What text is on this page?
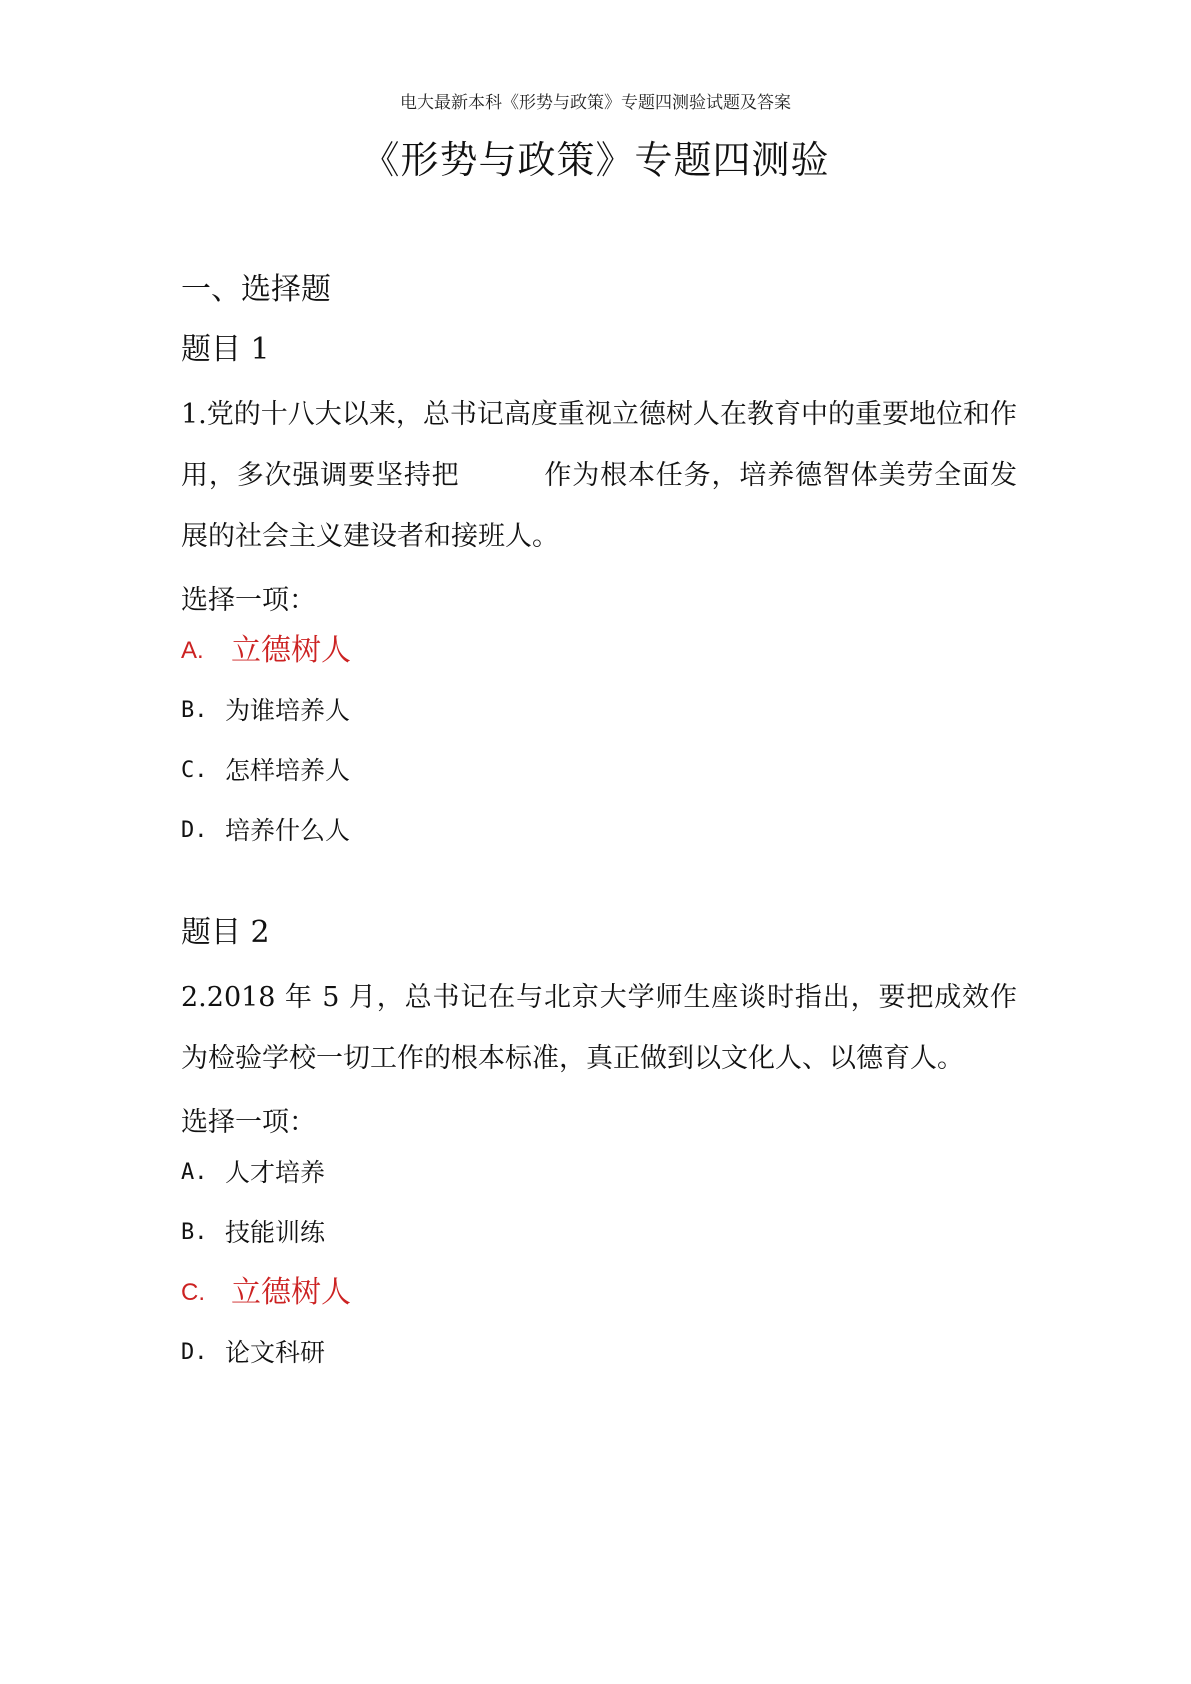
电大最新本科《形势与政策》专题四测验试题及答案
《形势与政策》专题四测验
一、选择题
题目 1

1.党的十八大以来，总书记高度重视立德树人在教育中的重要地位和作用，多次强调要坚持把	作为根本任务，培养德智体美劳全面发展的社会主义建设者和接班人。

选择一项：
A. 立德树人
B. 为谁培养人
C. 怎样培养人
D. 培养什么人
题目 2

2.2018 年 5 月，总书记在与北京大学师生座谈时指出，要把成效作为检验学校一切工作的根本标准，真正做到以文化人、以德育人。

选择一项：
A. 人才培养
B. 技能训练
C. 立德树人
D. 论文科研
